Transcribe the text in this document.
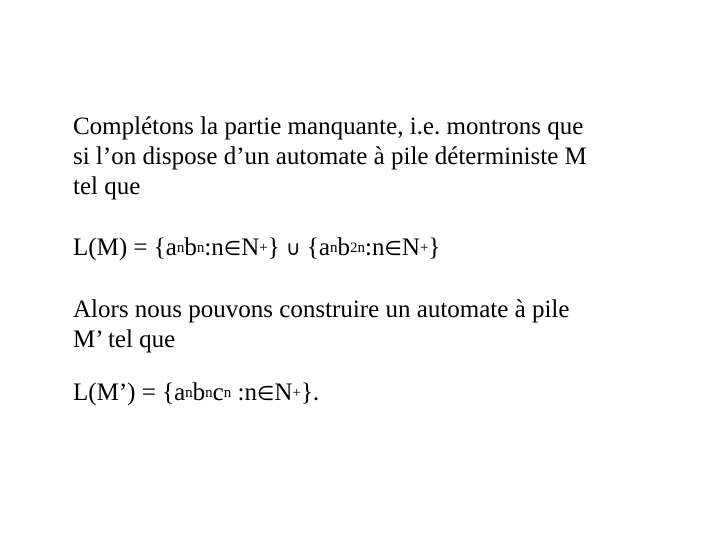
Complétons la partie manquante, i.e. montrons que
si l’on dispose d’un automate à pile déterministe M
tel que
$L(M) = \{a^nb^n:n\in N^+\}$ ∪ $\{a^nb^{2n}:n\in N^+\}$
Alors nous pouvons construire un automate à pile
M’ tel que
L(M’) = {$a^nb^nc^n$ :n∈N+}.
